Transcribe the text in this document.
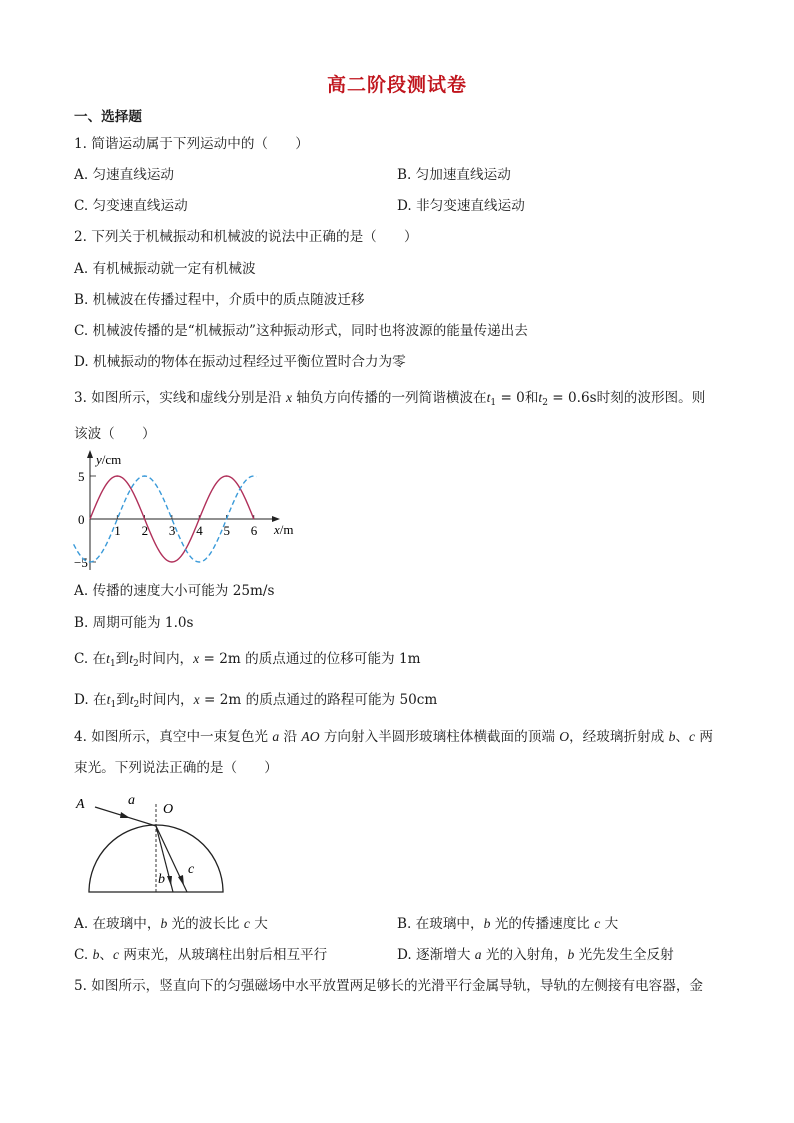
高二阶段测试卷
一、选择题
1. 简谐运动属于下列运动中的（　　）
A. 匀速直线运动	B. 匀加速直线运动
C. 匀变速直线运动	D. 非匀变速直线运动
2. 下列关于机械振动和机械波的说法中正确的是（　　）
A. 有机械振动就一定有机械波
B. 机械波在传播过程中，介质中的质点随波迁移
C. 机械波传播的是“机械振动”这种振动形式，同时也将波源的能量传递出去
D. 机械振动的物体在振动过程经过平衡位置时合力为零
3. 如图所示，实线和虚线分别是沿 x 轴负方向传播的一列简谐横波在$t_1 = 0$和$t_2 = 0.6s$时刻的波形图。则
该波（　　）
y/cm
x/m
5
0
−5
1 2 3 4 5 6
A. 传播的速度大小可能为 25m/s
B. 周期可能为 1.0s
C. 在$t_1$到$t_2$时间内，x = 2m 的质点通过的位移可能为 1m
D. 在$t_1$到$t_2$时间内，x = 2m 的质点通过的路程可能为 50cm
4. 如图所示，真空中一束复色光 a 沿 AO 方向射入半圆形玻璃柱体横截面的顶端 O，经玻璃折射成 b、c 两
束光。下列说法正确的是（　　）
A	a
O
b
c
A. 在玻璃中，b 光的波长比 c 大	B. 在玻璃中，b 光的传播速度比 c 大
C. b、c 两束光，从玻璃柱出射后相互平行	D. 逐渐增大 a 光的入射角，b 光先发生全反射
5. 如图所示，竖直向下的匀强磁场中水平放置两足够长的光滑平行金属导轨，导轨的左侧接有电容器，金
